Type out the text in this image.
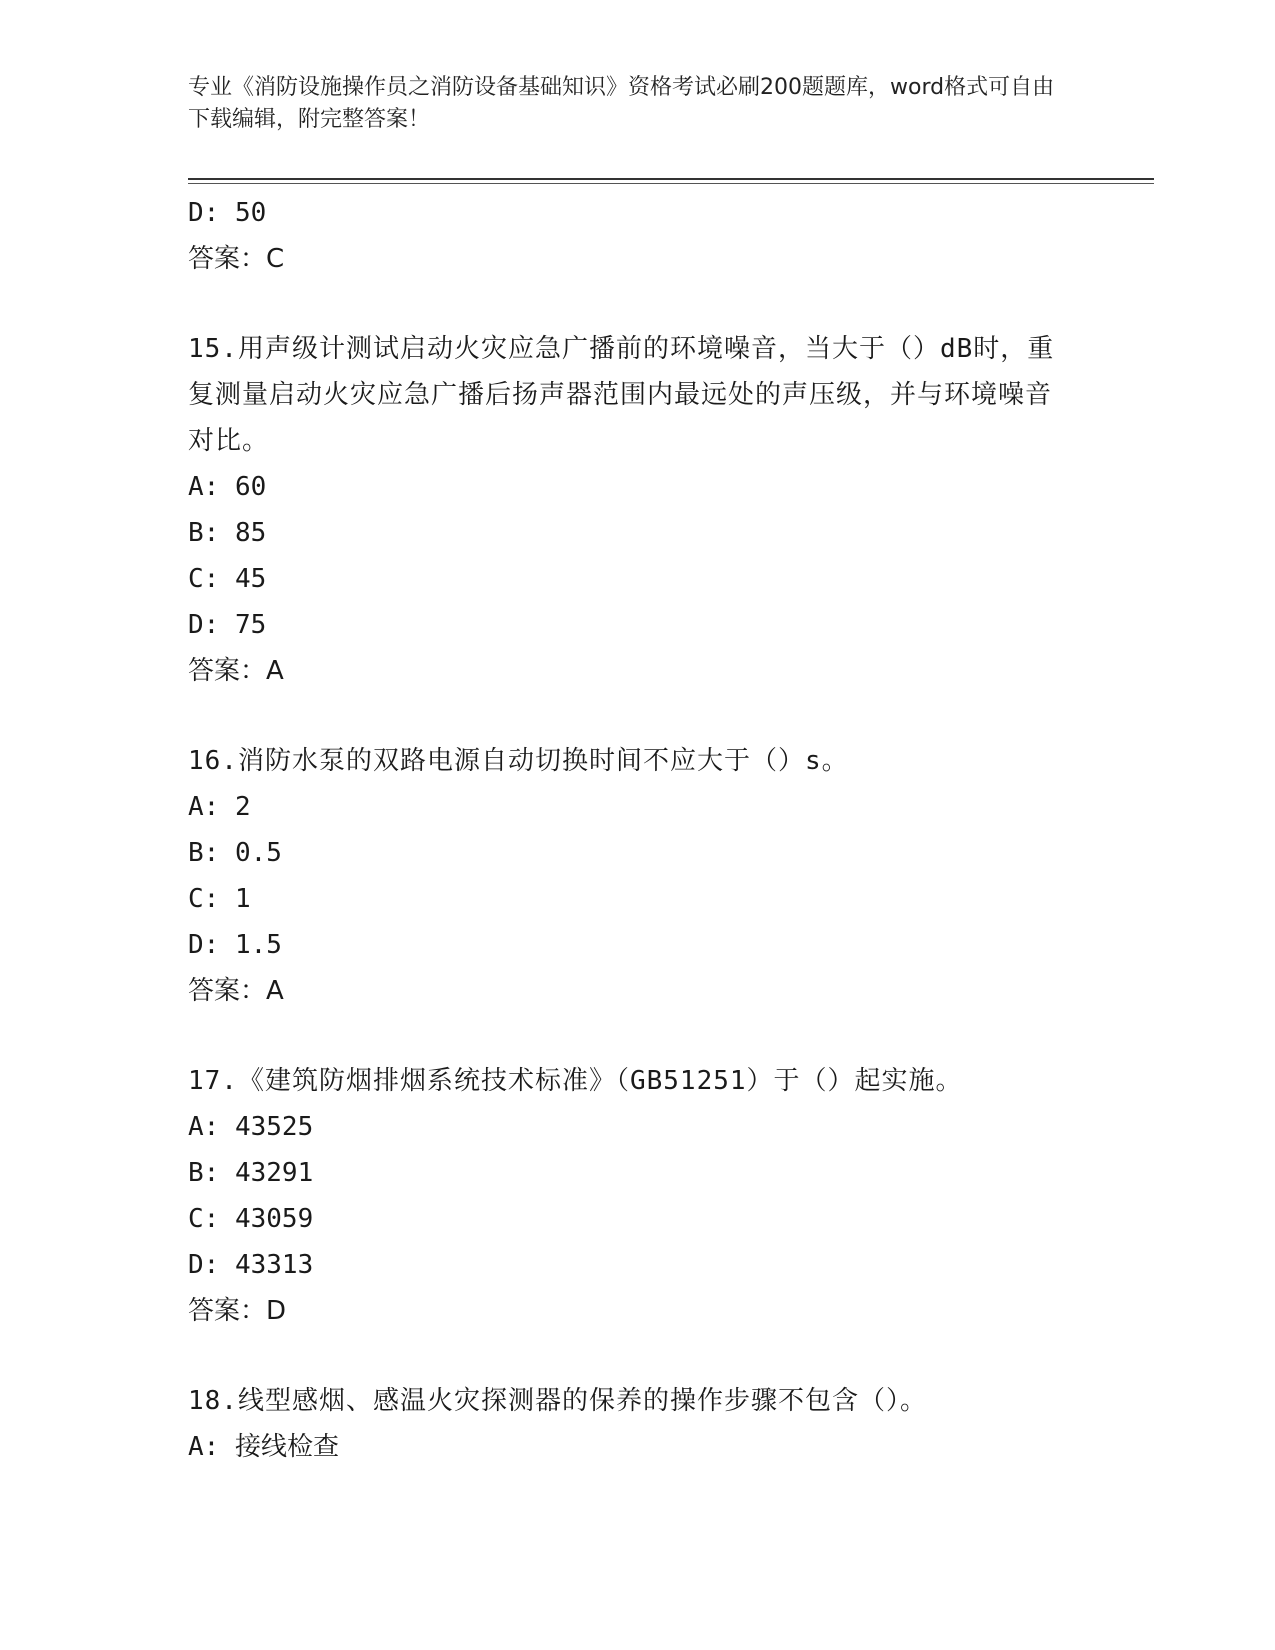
专业《消防设施操作员之消防设备基础知识》资格考试必刷200题题库，word格式可自由下载编辑，附完整答案！
D: 50
答案：C
15.用声级计测试启动火灾应急广播前的环境噪音，当大于（）dB时，重复测量启动火灾应急广播后扬声器范围内最远处的声压级，并与环境噪音对比。
A: 60
B: 85
C: 45
D: 75
答案：A
16.消防水泵的双路电源自动切换时间不应大于（）s。
A: 2
B: 0.5
C: 1
D: 1.5
答案：A
17.《建筑防烟排烟系统技术标准》（GB51251）于（）起实施。
A: 43525
B: 43291
C: 43059
D: 43313
答案：D
18.线型感烟、感温火灾探测器的保养的操作步骤不包含（）。
A: 接线检查
